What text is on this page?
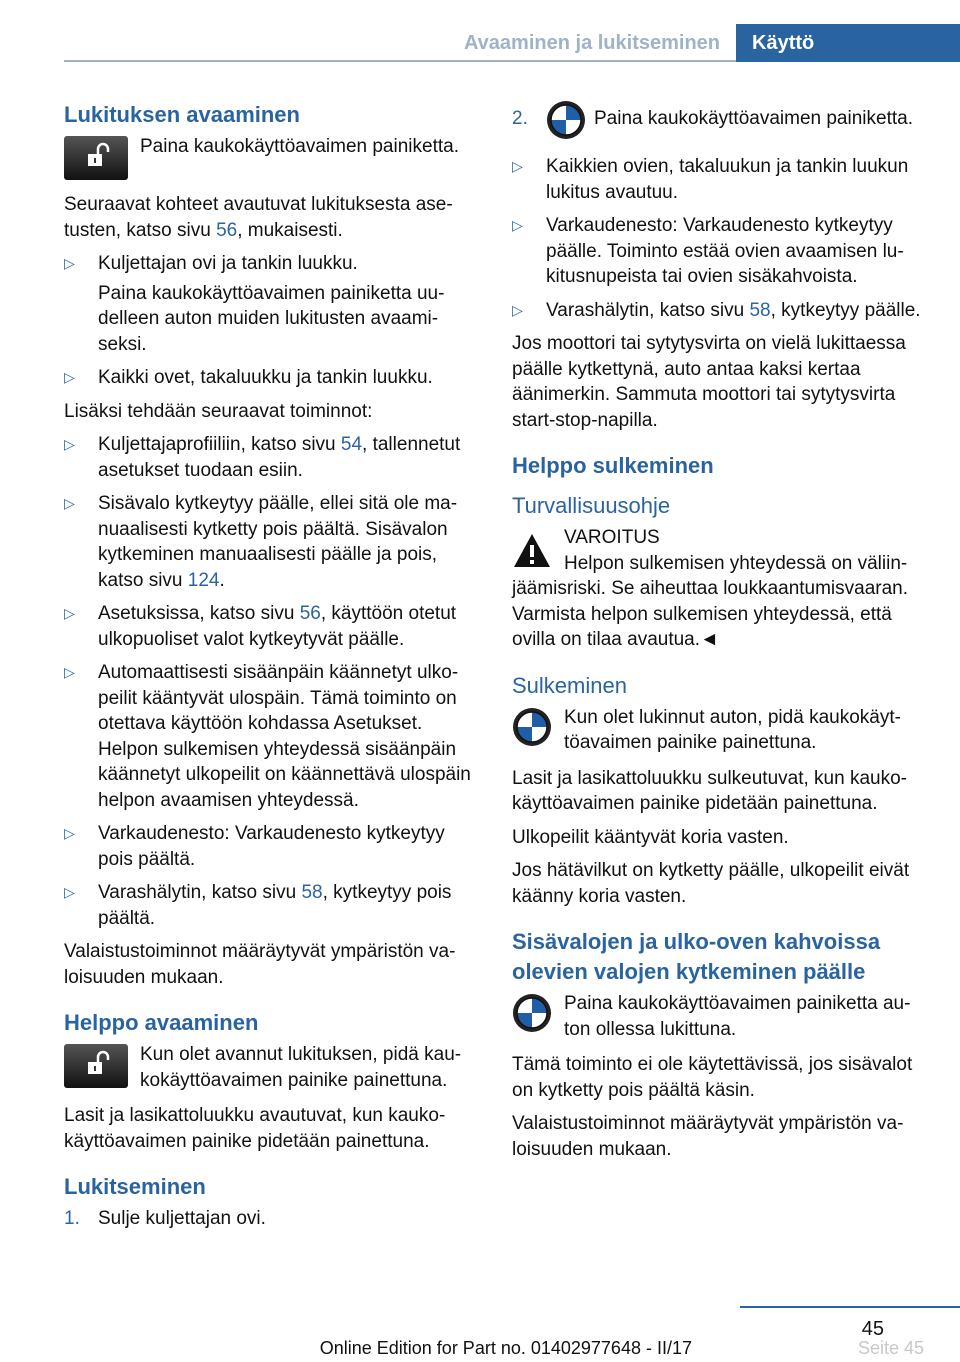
Avaaminen ja lukitseminen	Käyttö
Lukituksen avaaminen
Paina kaukokäyttöavaimen painiketta.

Seuraavat kohteet avautuvat lukituksesta asetusten, katso sivu 56, mukaisesti.

▷ Kuljettajan ovi ja tankin luukku.
Paina kaukokäyttöavaimen painiketta uudelleen auton muiden lukitusten avaamiseksi.
▷ Kaikki ovet, takaluukku ja tankin luukku.

Lisäksi tehdään seuraavat toiminnot:

▷ Kuljettajaprofiiliin, katso sivu 54, tallennetut asetukset tuodaan esiin.
▷ Sisävalo kytkeytyy päälle, ellei sitä ole manuaalisesti kytketty pois päältä. Sisävalon kytkeminen manuaalisesti päälle ja pois, katso sivu 124.
▷ Asetuksissa, katso sivu 56, käyttöön otetut ulkopuoliset valot kytkeytyvät päälle.
▷ Automaattisesti sisäänpäin käännetyt ulkopeilit kääntyvät ulospäin. Tämä toiminto on otettava käyttöön kohdassa Asetukset. Helpon sulkemisen yhteydessä sisäänpäin käännetyt ulkopeilit on käännettävä ulospäin helpon avaamisen yhteydessä.
▷ Varkaudenesto: Varkaudenesto kytkeytyy pois päältä.
▷ Varashälytin, katso sivu 58, kytkeytyy pois päältä.

Valaistustoiminnot määräytyvät ympäristön valoisuuden mukaan.

Helppo avaaminen
Kun olet avannut lukituksen, pidä kaukokäyttöavaimen painike painettuna.

Lasit ja lasikattoluukku avautuvat, kun kaukokäyttöavaimen painike pidetään painettuna.

Lukitseminen
1. Sulje kuljettajan ovi.
2.	Paina kaukokäyttöavaimen painiketta.
▷ Kaikkien ovien, takaluukun ja tankin luukun lukitus avautuu.
▷ Varkaudenesto: Varkaudenesto kytkeytyy päälle. Toiminto estää ovien avaamisen lukitusnupeista tai ovien sisäkahvoista.
▷ Varashälytin, katso sivu 58, kytkeytyy päälle.

Jos moottori tai sytytysvirta on vielä lukittaessa päälle kytkettynä, auto antaa kaksi kertaa äänimerkin. Sammuta moottori tai sytytysvirta start-stop-napilla.

Helppo sulkeminen
Turvallisuusohje
VAROITUS
Helpon sulkemisen yhteydessä on väliinjäämisriski. Se aiheuttaa loukkaantumisvaaran. Varmista helpon sulkemisen yhteydessä, että ovilla on tilaa avautua.◄
Sulkeminen
Kun olet lukinnut auton, pidä kaukokäyttöavaimen painike painettuna.

Lasit ja lasikattoluukku sulkeutuvat, kun kaukokäyttöavaimen painike pidetään painettuna.

Ulkopeilit kääntyvät koria vasten.

Jos hätävilkut on kytketty päälle, ulkopeilit eivät käänny koria vasten.

Sisävalojen ja ulko-oven kahvoissa olevien valojen kytkeminen päälle
Paina kaukokäyttöavaimen painiketta auton ollessa lukittuna.

Tämä toiminto ei ole käytettävissä, jos sisävalot on kytketty pois päältä käsin.

Valaistustoiminnot määräytyvät ympäristön valoisuuden mukaan.

45
Seite 45
Online Edition for Part no. 01402977648 - II/17
